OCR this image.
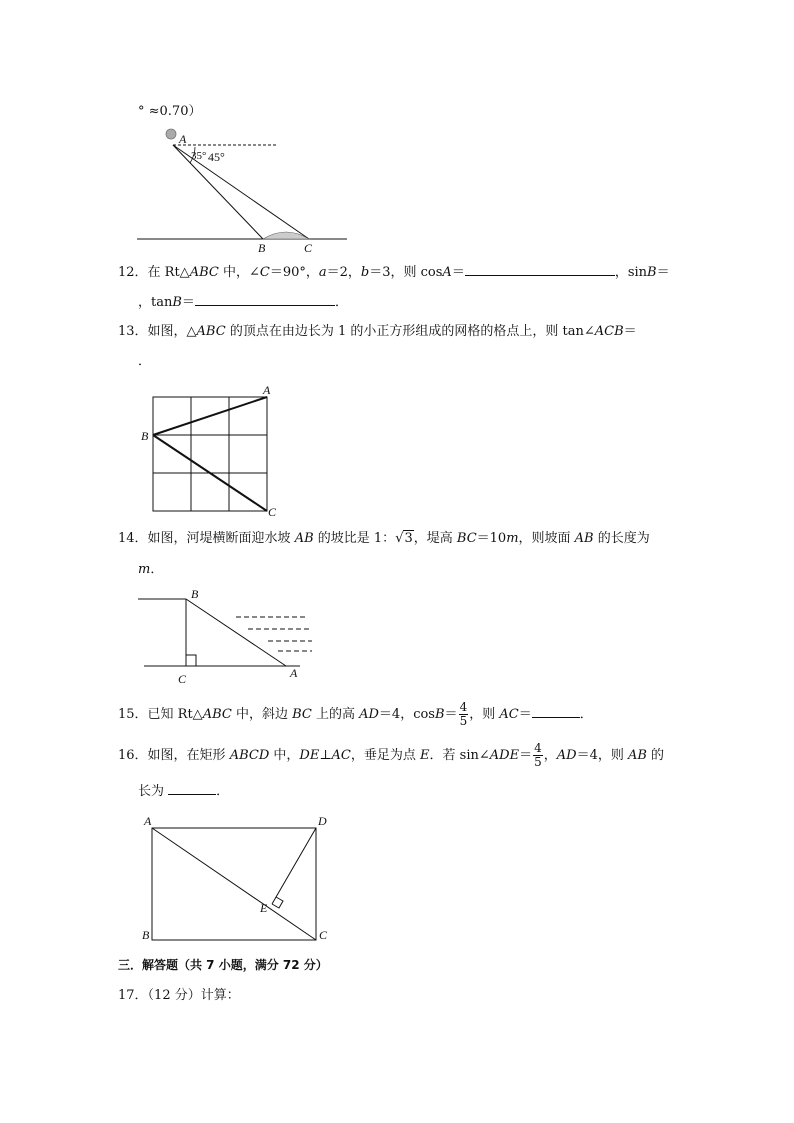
° ≈0.70）
A
35° 45°
B	C
12．在 Rt△ABC 中，∠C＝90°，a＝2，b＝3，则 cosA＝	，sinB＝
，tanB＝	．
13．如图，△ABC 的顶点在由边长为 1 的小正方形组成的网格的格点上，则 tan∠ACB＝
．
A
B
C
14．如图，河堤横断面迎水坡 AB 的坡比是 1：√3，堤高 BC＝10m，则坡面 AB 的长度为
m．
B
C	A
15．已知 Rt△ABC 中，斜边 BC 上的高 AD＝4，$\cos B= \frac{4}{5}$ ，则 AC＝	．
16．如图，在矩形 ABCD 中，DE⊥AC，垂足为点 E．若 sin∠ADE＝ $\frac{4}{5}$ ，AD＝4，则 AB 的
长为	．
A	D
B	C
E
三．解答题（共 7 小题，满分 72 分）
17．（12 分）计算：
